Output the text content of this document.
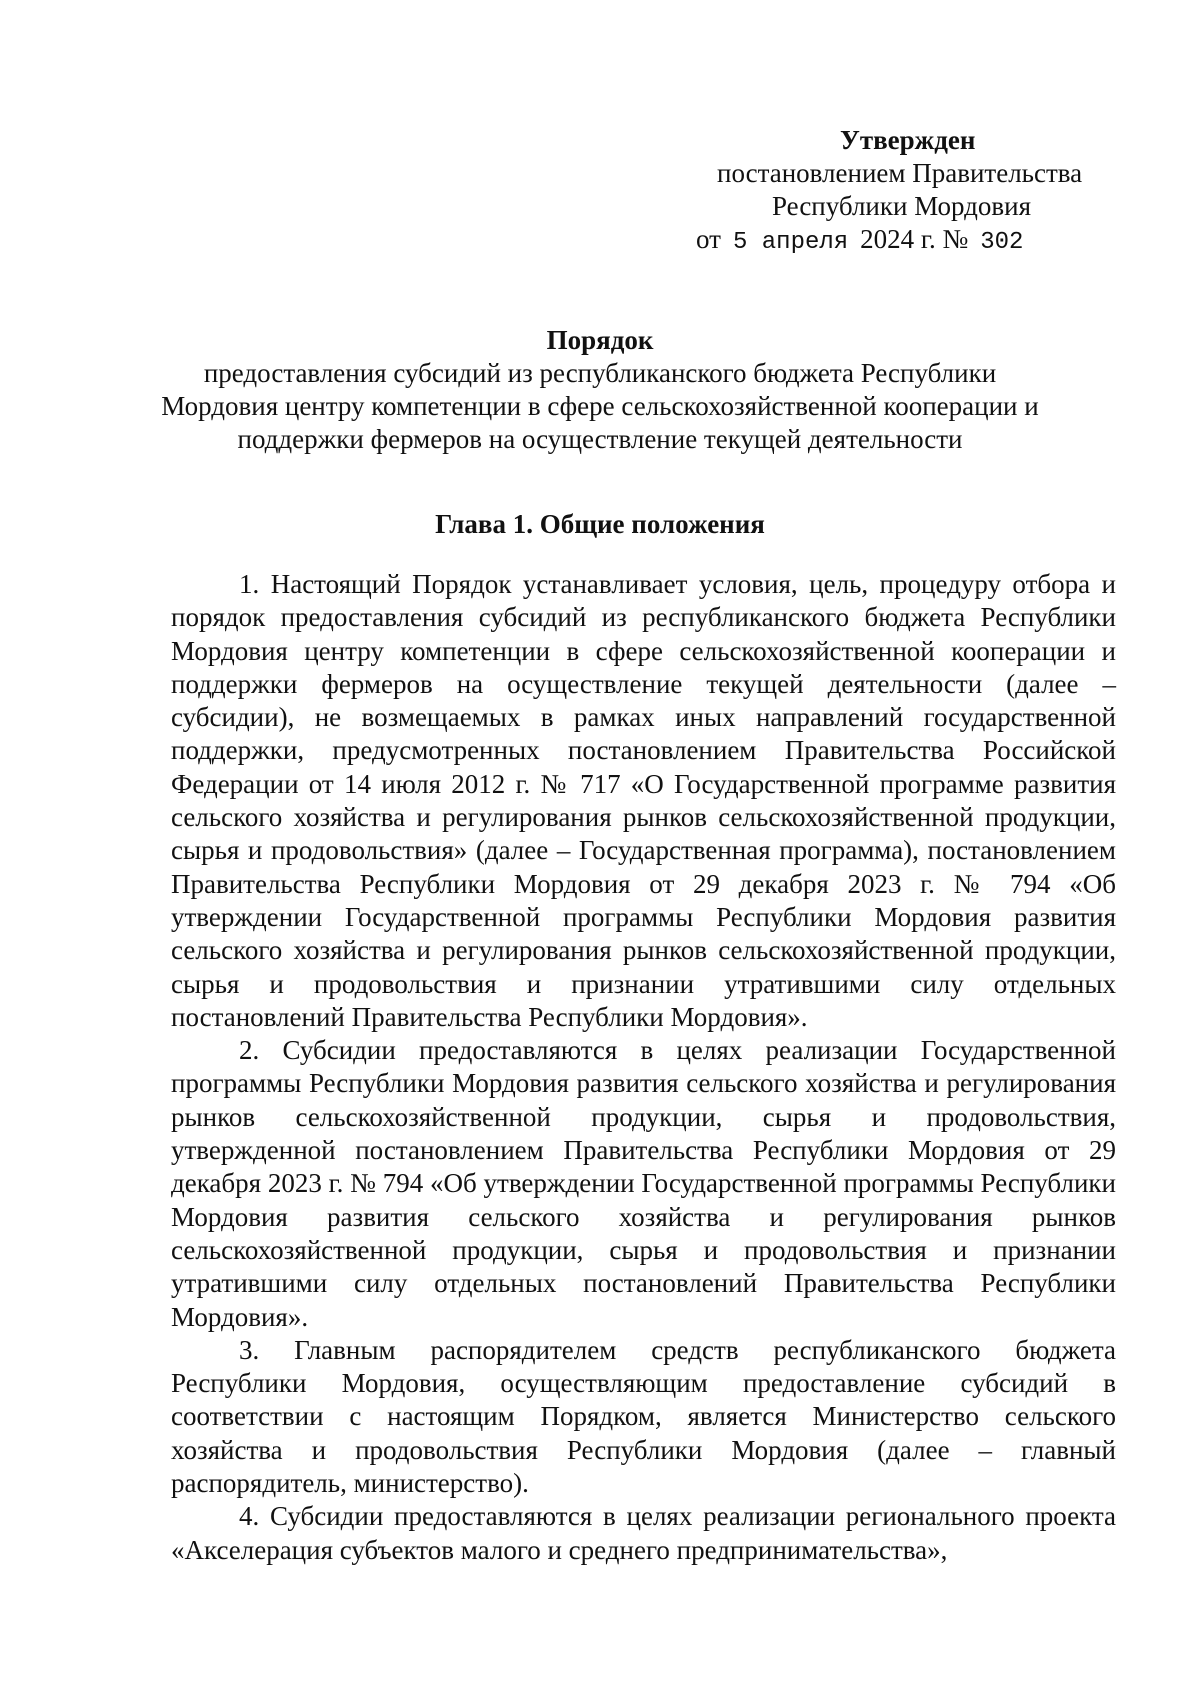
Утвержден
постановлением Правительства
Республики Мордовия
от 5 апреля 2024 г. № 302
Порядок
предоставления субсидий из республиканского бюджета Республики
Мордовия центру компетенции в сфере сельскохозяйственной кооперации и
поддержки фермеров на осуществление текущей деятельности
Глава 1. Общие положения

1. Настоящий Порядок устанавливает условия, цель, процедуру отбора и порядок предоставления субсидий из республиканского бюджета Республики Мордовия центру компетенции в сфере сельскохозяйственной кооперации и поддержки фермеров на осуществление текущей деятельности (далее – субсидии), не возмещаемых в рамках иных направлений государственной поддержки, предусмотренных постановлением Правительства Российской Федерации от 14 июля 2012 г. № 717 «О Государственной программе развития сельского хозяйства и регулирования рынков сельскохозяйственной продукции, сырья и продовольствия» (далее – Государственная программа), постановлением Правительства Республики Мордовия от 29 декабря 2023 г. № 794 «Об утверждении Государственной программы Республики Мордовия развития сельского хозяйства и регулирования рынков сельскохозяйственной продукции, сырья и продовольствия и признании утратившими силу отдельных постановлений Правительства Республики Мордовия».

2. Субсидии предоставляются в целях реализации Государственной программы Республики Мордовия развития сельского хозяйства и регулирования рынков сельскохозяйственной продукции, сырья и продовольствия, утвержденной постановлением Правительства Республики Мордовия от 29 декабря 2023 г. № 794 «Об утверждении Государственной программы Республики Мордовия развития сельского хозяйства и регулирования рынков сельскохозяйственной продукции, сырья и продовольствия и признании утратившими силу отдельных постановлений Правительства Республики Мордовия».

3. Главным распорядителем средств республиканского бюджета Республики Мордовия, осуществляющим предоставление субсидий в соответствии с настоящим Порядком, является Министерство сельского хозяйства и продовольствия Республики Мордовия (далее – главный распорядитель, министерство).

4. Субсидии предоставляются в целях реализации регионального проекта «Акселерация субъектов малого и среднего предпринимательства»,
